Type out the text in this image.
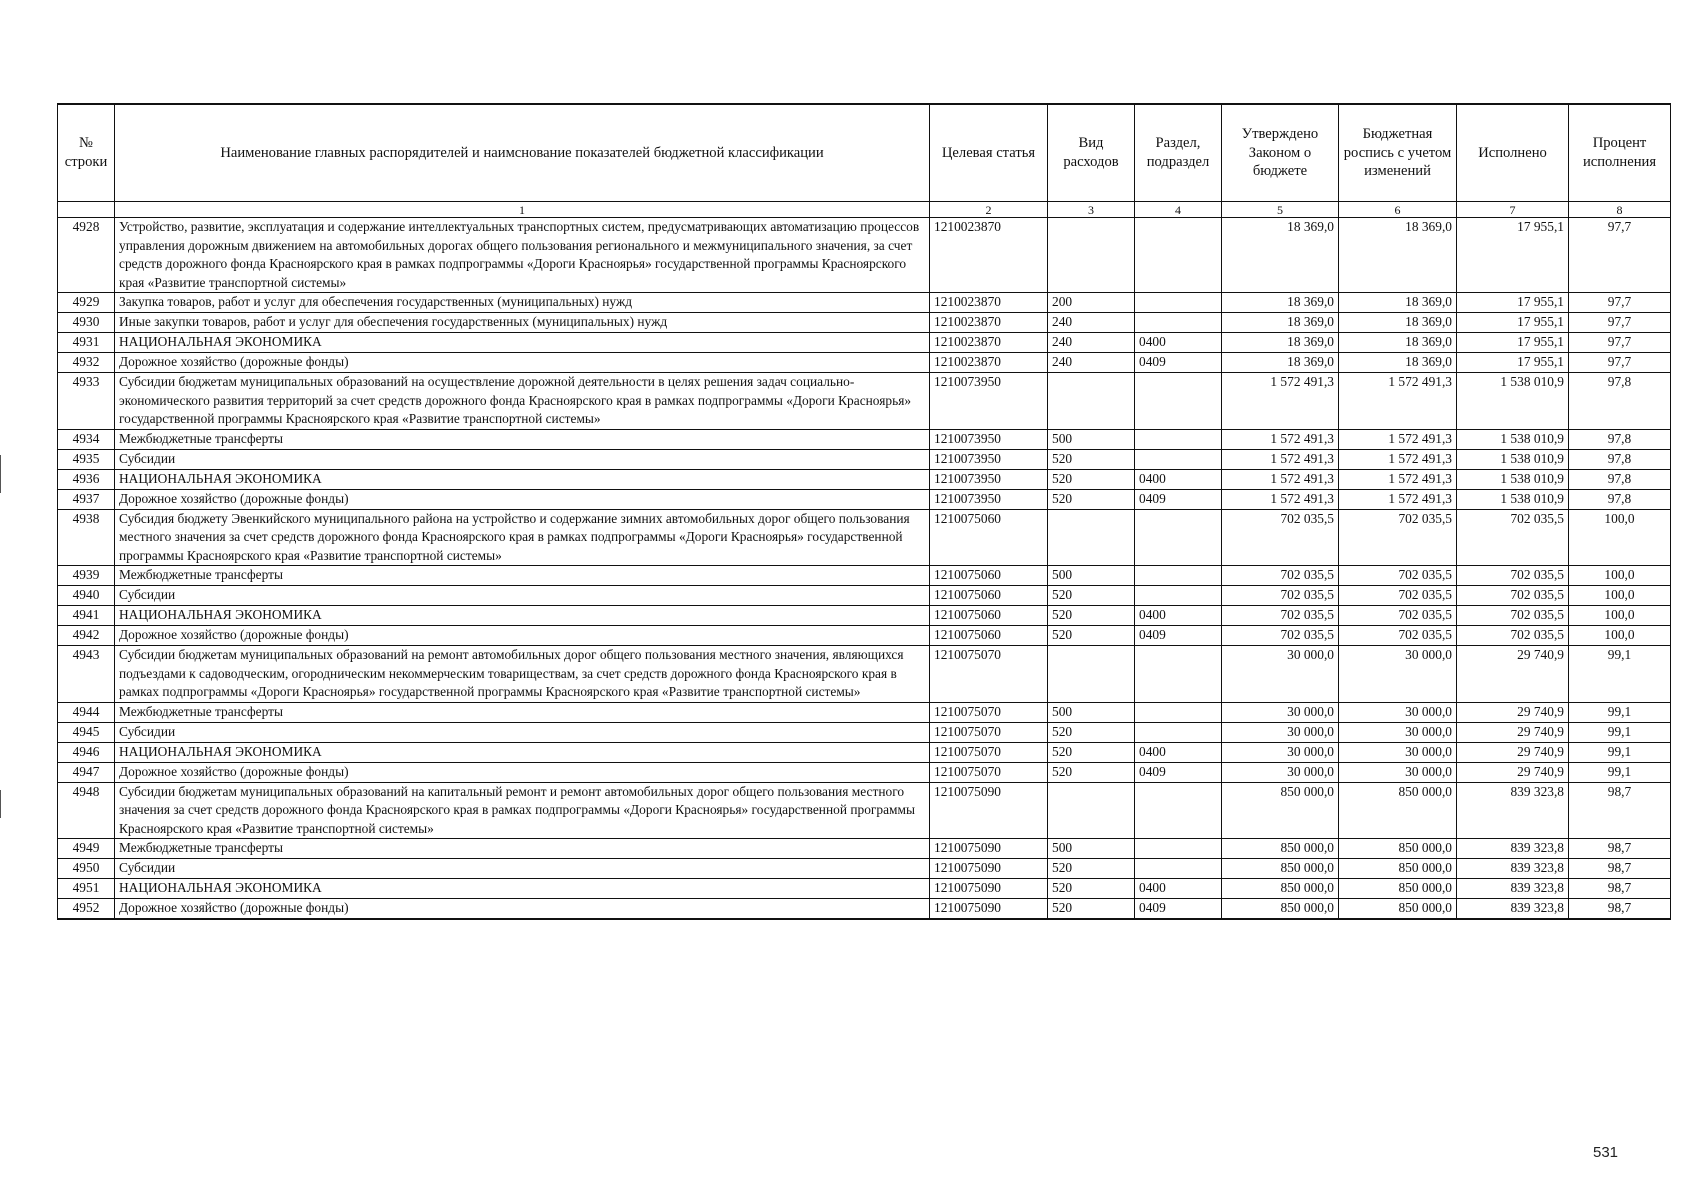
№ строки	Наименование главных распорядителей и наимснование показателей бюджетной классификации	Целевая статья	Вид расходов	Раздел, подраздел	Утверждено Законом о бюджете	Бюджетная роспись с учетом изменений	Исполнено	Процент исполнения
	1	2	3	4	5	6	7	8
4928	Устройство, развитие, эксплуатация и содержание интеллектуальных транспортных систем, предусматривающих автоматизацию процессов управления дорожным движением на автомобильных дорогах общего пользования регионального и межмуниципального значения, за счет средств дорожного фонда Красноярского края в рамках подпрограммы «Дороги Красноярья» государственной программы Красноярского края «Развитие транспортной системы»	1210023870			18 369,0	18 369,0	17 955,1	97,7
4929	Закупка товаров, работ и услуг для обеспечения государственных (муниципальных) нужд	1210023870	200		18 369,0	18 369,0	17 955,1	97,7
4930	Иные закупки товаров, работ и услуг для обеспечения государственных (муниципальных) нужд	1210023870	240		18 369,0	18 369,0	17 955,1	97,7
4931	НАЦИОНАЛЬНАЯ ЭКОНОМИКА	1210023870	240	0400	18 369,0	18 369,0	17 955,1	97,7
4932	Дорожное хозяйство (дорожные фонды)	1210023870	240	0409	18 369,0	18 369,0	17 955,1	97,7
4933	Субсидии бюджетам муниципальных образований на осуществление дорожной деятельности в целях решения задач социально-экономического развития территорий за счет средств дорожного фонда Красноярского края в рамках подпрограммы «Дороги Красноярья» государственной программы Красноярского края «Развитие транспортной системы»	1210073950			1 572 491,3	1 572 491,3	1 538 010,9	97,8
4934	Межбюджетные трансферты	1210073950	500		1 572 491,3	1 572 491,3	1 538 010,9	97,8
4935	Субсидии	1210073950	520		1 572 491,3	1 572 491,3	1 538 010,9	97,8
4936	НАЦИОНАЛЬНАЯ ЭКОНОМИКА	1210073950	520	0400	1 572 491,3	1 572 491,3	1 538 010,9	97,8
4937	Дорожное хозяйство (дорожные фонды)	1210073950	520	0409	1 572 491,3	1 572 491,3	1 538 010,9	97,8
4938	Субсидия бюджету Эвенкийского муниципального района на устройство и содержание зимних автомобильных дорог общего пользования местного значения за счет средств дорожного фонда Красноярского края в рамках подпрограммы «Дороги Красноярья» государственной программы Красноярского края «Развитие транспортной системы»	1210075060			702 035,5	702 035,5	702 035,5	100,0
4939	Межбюджетные трансферты	1210075060	500		702 035,5	702 035,5	702 035,5	100,0
4940	Субсидии	1210075060	520		702 035,5	702 035,5	702 035,5	100,0
4941	НАЦИОНАЛЬНАЯ ЭКОНОМИКА	1210075060	520	0400	702 035,5	702 035,5	702 035,5	100,0
4942	Дорожное хозяйство (дорожные фонды)	1210075060	520	0409	702 035,5	702 035,5	702 035,5	100,0
4943	Субсидии бюджетам муниципальных образований на ремонт автомобильных дорог общего пользования местного значения, являющихся подъездами к садоводческим, огородническим некоммерческим товариществам, за счет средств дорожного фонда Красноярского края в рамках подпрограммы «Дороги Красноярья» государственной программы Красноярского края «Развитие транспортной системы»	1210075070			30 000,0	30 000,0	29 740,9	99,1
4944	Межбюджетные трансферты	1210075070	500		30 000,0	30 000,0	29 740,9	99,1
4945	Субсидии	1210075070	520		30 000,0	30 000,0	29 740,9	99,1
4946	НАЦИОНАЛЬНАЯ ЭКОНОМИКА	1210075070	520	0400	30 000,0	30 000,0	29 740,9	99,1
4947	Дорожное хозяйство (дорожные фонды)	1210075070	520	0409	30 000,0	30 000,0	29 740,9	99,1
4948	Субсидии бюджетам муниципальных образований на капитальный ремонт и ремонт автомобильных дорог общего пользования местного значения за счет средств дорожного фонда Красноярского края в рамках подпрограммы «Дороги Красноярья» государственной программы Красноярского края «Развитие транспортной системы»	1210075090			850 000,0	850 000,0	839 323,8	98,7
4949	Межбюджетные трансферты	1210075090	500		850 000,0	850 000,0	839 323,8	98,7
4950	Субсидии	1210075090	520		850 000,0	850 000,0	839 323,8	98,7
4951	НАЦИОНАЛЬНАЯ ЭКОНОМИКА	1210075090	520	0400	850 000,0	850 000,0	839 323,8	98,7
4952	Дорожное хозяйство (дорожные фонды)	1210075090	520	0409	850 000,0	850 000,0	839 323,8	98,7
531
